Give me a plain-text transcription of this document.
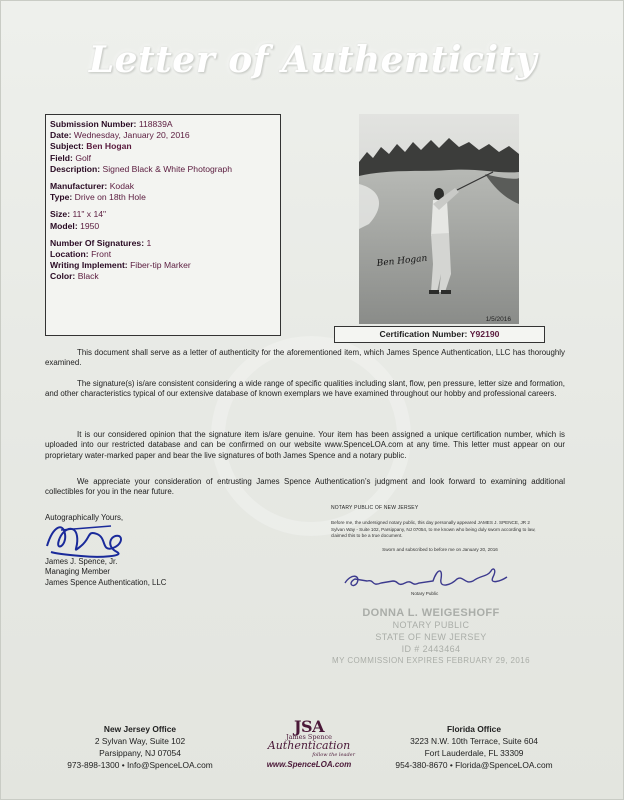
Letter of Authenticity
Submission Number: 118839A
Date: Wednesday, January 20, 2016
Subject: Ben Hogan
Field: Golf
Description: Signed Black & White Photograph
Manufacturer: Kodak
Type: Drive on 18th Hole
Size: 11" x 14"
Model: 1950
Number Of Signatures: 1
Location: Front
Writing Implement: Fiber-tip Marker
Color: Black
Ben Hogan
1/5/2016
Certification Number: Y92190

This document shall serve as a letter of authenticity for the aforementioned item, which James Spence Authentication, LLC has thoroughly examined.

The signature(s) is/are consistent considering a wide range of specific qualities including slant, flow, pen pressure, letter size and formation, and other characteristics typical of our extensive database of known exemplars we have examined throughout our hobby and professional careers.

It is our considered opinion that the signature item is/are genuine. Your item has been assigned a unique certification number, which is uploaded into our restricted database and can be confirmed on our website www.SpenceLOA.com at any time. This letter must appear on our proprietary water-marked paper and bear the live signatures of both James Spence and a notary public.

We appreciate your consideration of entrusting James Spence Authentication’s judgment and look forward to examining additional collectibles for you in the near future.

Autographically Yours,
James J. Spence, Jr.
Managing Member
James Spence Authentication, LLC
NOTARY PUBLIC OF NEW JERSEY
Before me, the undersigned notary public, this day personally appeared JAMES J. SPENCE, JR 2 Sylvan Way - Suite 102, Parsippany, NJ 07054, to me known who being duly sworn according to law, claimed this to be a true document.
Sworn and subscribed to before me on January 20, 2016
Notary Public
DONNA L. WEIGESHOFF
NOTARY PUBLIC
STATE OF NEW JERSEY
ID # 2443464
MY COMMISSION EXPIRES FEBRUARY 29, 2016
New Jersey Office
2 Sylvan Way, Suite 102
Parsippany, NJ 07054
973-898-1300 • Info@SpenceLOA.com
JSA
James Spence
Authentication
follow the leader
www.SpenceLOA.com
Florida Office
3223 N.W. 10th Terrace, Suite 604
Fort Lauderdale, FL 33309
954-380-8670 • Florida@SpenceLOA.com
